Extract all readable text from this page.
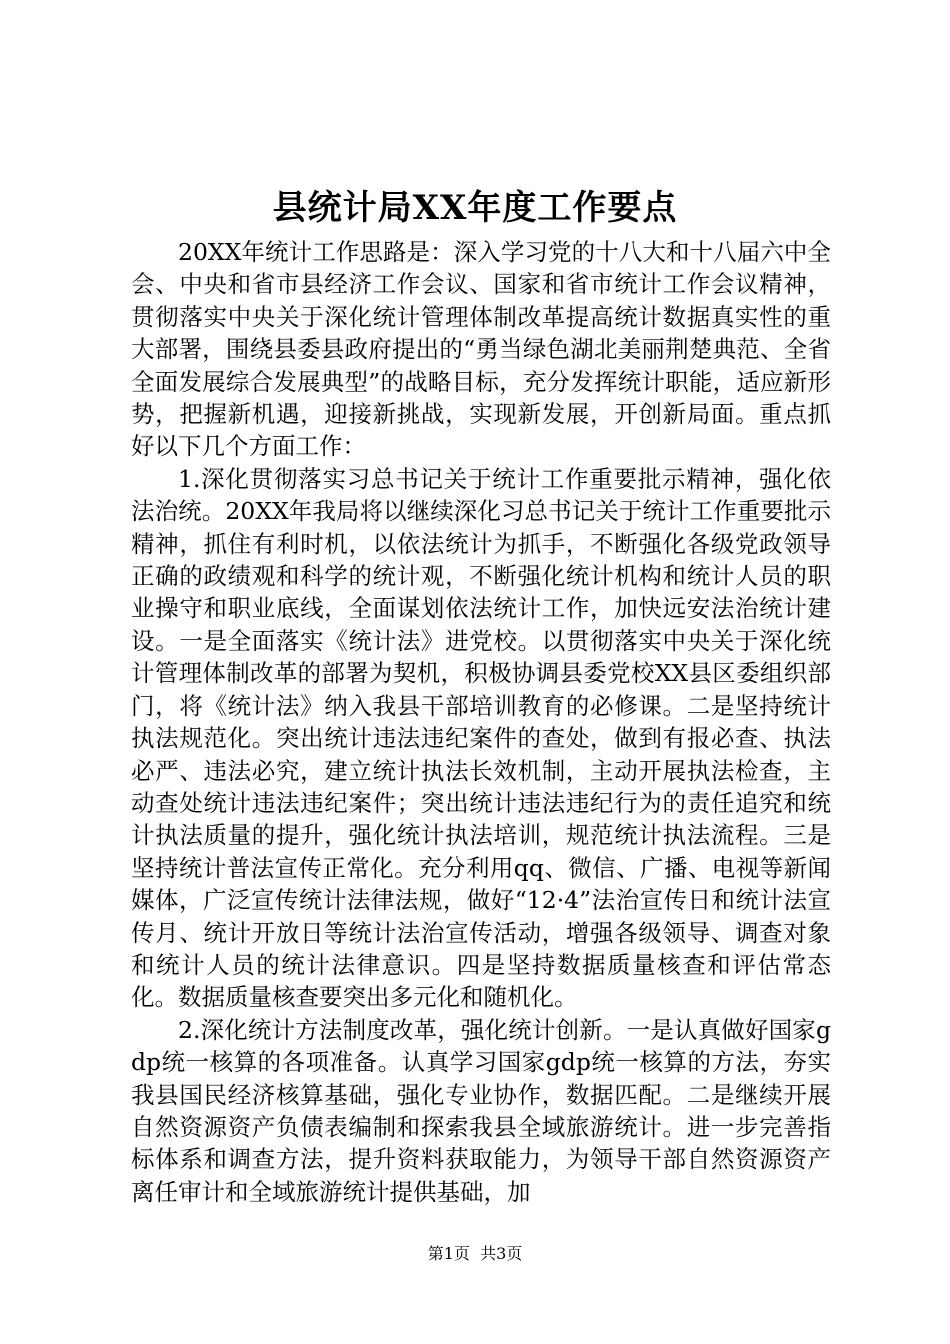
县统计局XX年度工作要点

20XX年统计工作思路是：深入学习党的十八大和十八届六中全会、中央和省市县经济工作会议、国家和省市统计工作会议精神，贯彻落实中央关于深化统计管理体制改革提高统计数据真实性的重大部署，围绕县委县政府提出的“勇当绿色湖北美丽荆楚典范、全省全面发展综合发展典型”的战略目标，充分发挥统计职能，适应新形势，把握新机遇，迎接新挑战，实现新发展，开创新局面。重点抓好以下几个方面工作：

1.深化贯彻落实习总书记关于统计工作重要批示精神，强化依法治统。20XX年我局将以继续深化习总书记关于统计工作重要批示精神，抓住有利时机，以依法统计为抓手，不断强化各级党政领导正确的政绩观和科学的统计观，不断强化统计机构和统计人员的职业操守和职业底线，全面谋划依法统计工作，加快远安法治统计建设。一是全面落实《统计法》进党校。以贯彻落实中央关于深化统计管理体制改革的部署为契机，积极协调县委党校XX县区委组织部门，将《统计法》纳入我县干部培训教育的必修课。二是坚持统计执法规范化。突出统计违法违纪案件的查处，做到有报必查、执法必严、违法必究，建立统计执法长效机制，主动开展执法检查，主动查处统计违法违纪案件；突出统计违法违纪行为的责任追究和统计执法质量的提升，强化统计执法培训，规范统计执法流程。三是坚持统计普法宣传正常化。充分利用qq、微信、广播、电视等新闻媒体，广泛宣传统计法律法规，做好“12·4”法治宣传日和统计法宣传月、统计开放日等统计法治宣传活动，增强各级领导、调查对象和统计人员的统计法律意识。四是坚持数据质量核查和评估常态化。数据质量核查要突出多元化和随机化。

2.深化统计方法制度改革，强化统计创新。一是认真做好国家gdp统一核算的各项准备。认真学习国家gdp统一核算的方法，夯实我县国民经济核算基础，强化专业协作，数据匹配。二是继续开展自然资源资产负债表编制和探索我县全域旅游统计。进一步完善指标体系和调查方法，提升资料获取能力，为领导干部自然资源资产离任审计和全域旅游统计提供基础，加

第1页  共3页
